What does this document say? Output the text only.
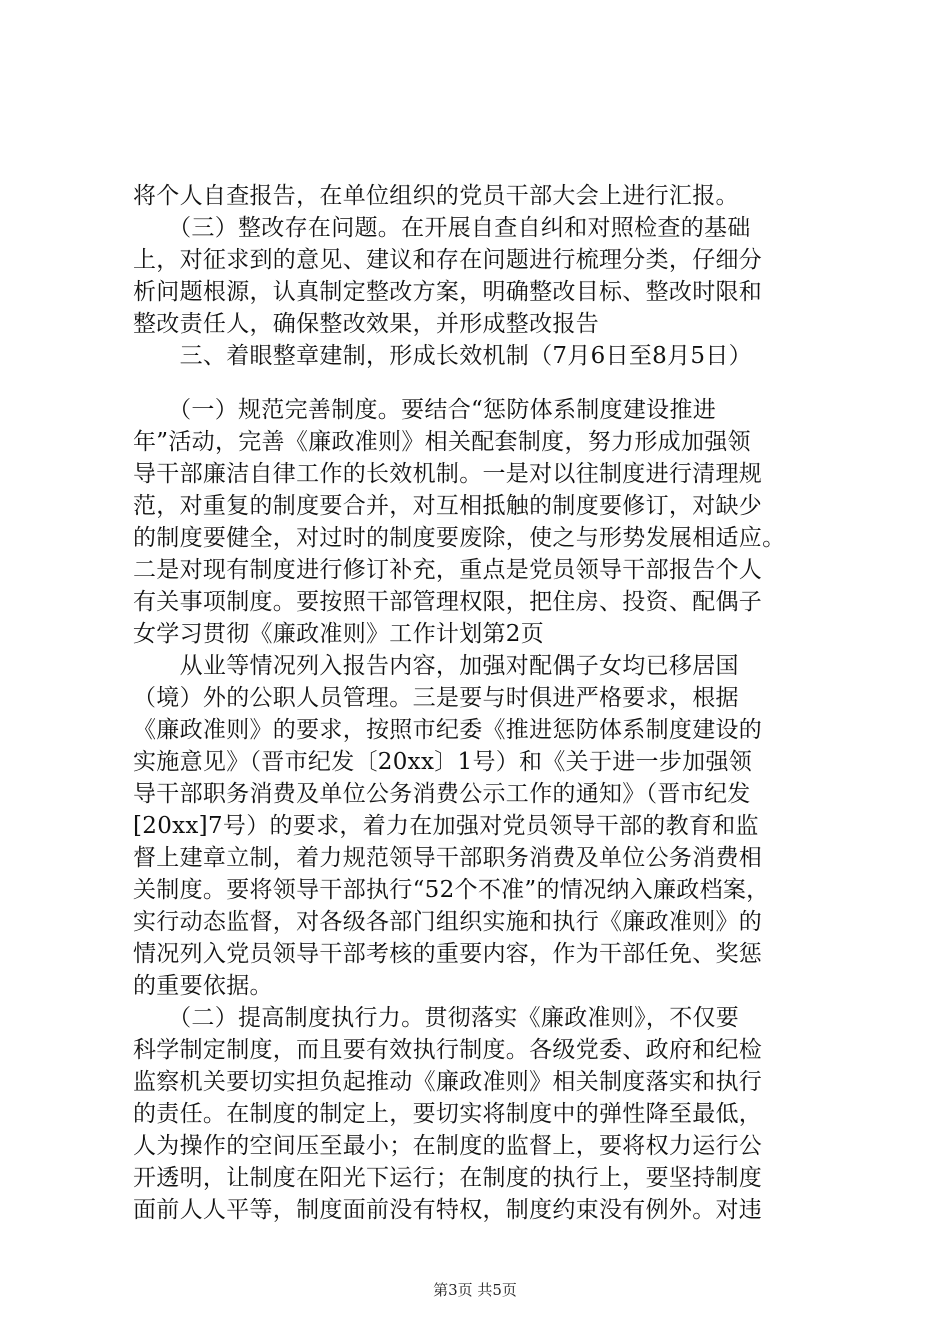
将个人自查报告，在单位组织的党员干部大会上进行汇报。
　　（三）整改存在问题。在开展自查自纠和对照检查的基础
上，对征求到的意见、建议和存在问题进行梳理分类，仔细分
析问题根源，认真制定整改方案，明确整改目标、整改时限和
整改责任人，确保整改效果，并形成整改报告
　　三、着眼整章建制，形成长效机制（7月6日至8月5日）
　　（一）规范完善制度。要结合“惩防体系制度建设推进
年”活动，完善《廉政准则》相关配套制度，努力形成加强领
导干部廉洁自律工作的长效机制。一是对以往制度进行清理规
范，对重复的制度要合并，对互相抵触的制度要修订，对缺少
的制度要健全，对过时的制度要废除，使之与形势发展相适应。
二是对现有制度进行修订补充，重点是党员领导干部报告个人
有关事项制度。要按照干部管理权限，把住房、投资、配偶子
女学习贯彻《廉政准则》工作计划第2页
　　从业等情况列入报告内容，加强对配偶子女均已移居国
（境）外的公职人员管理。三是要与时俱进严格要求，根据
《廉政准则》的要求，按照市纪委《推进惩防体系制度建设的
实施意见》（晋市纪发〔20xx〕1号）和《关于进一步加强领
导干部职务消费及单位公务消费公示工作的通知》（晋市纪发
[20xx]7号）的要求，着力在加强对党员领导干部的教育和监
督上建章立制，着力规范领导干部职务消费及单位公务消费相
关制度。要将领导干部执行“52个不准”的情况纳入廉政档案，
实行动态监督，对各级各部门组织实施和执行《廉政准则》的
情况列入党员领导干部考核的重要内容，作为干部任免、奖惩
的重要依据。
　　（二）提高制度执行力。贯彻落实《廉政准则》，不仅要
科学制定制度，而且要有效执行制度。各级党委、政府和纪检
监察机关要切实担负起推动《廉政准则》相关制度落实和执行
的责任。在制度的制定上，要切实将制度中的弹性降至最低，
人为操作的空间压至最小；在制度的监督上，要将权力运行公
开透明，让制度在阳光下运行；在制度的执行上，要坚持制度
面前人人平等，制度面前没有特权，制度约束没有例外。对违
第3页 共5页
